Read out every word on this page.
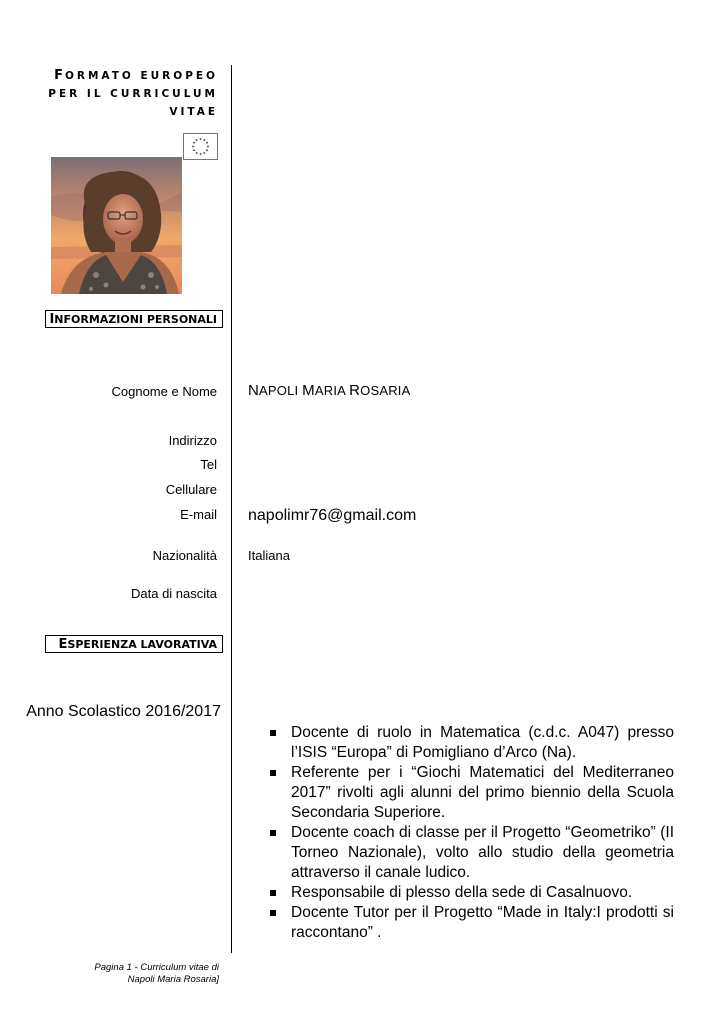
FORMATO EUROPEO
PER IL CURRICULUM
VITAE
INFORMAZIONI PERSONALI
Cognome e Nome NAPOLI MARIA ROSARIA
Indirizzo
Tel
Cellulare
E-mail napolimr76@gmail.com
Nazionalità Italiana
Data di nascita
ESPERIENZA LAVORATIVA
Anno Scolastico 2016/2017
Docente di ruolo in Matematica (c.d.c. A047) presso l’ISIS “Europa” di Pomigliano d’Arco (Na).
Referente per i “Giochi Matematici del Mediterraneo 2017” rivolti agli alunni del primo biennio della Scuola Secondaria Superiore.
Docente coach di classe per il Progetto “Geometriko” (II Torneo Nazionale), volto allo studio della geometria attraverso il canale ludico.
Responsabile di plesso della sede di Casalnuovo.
Docente Tutor per il Progetto “Made in Italy:I prodotti si raccontano” .
Pagina 1 - Curriculum vitae di
Napoli Maria Rosaria]
